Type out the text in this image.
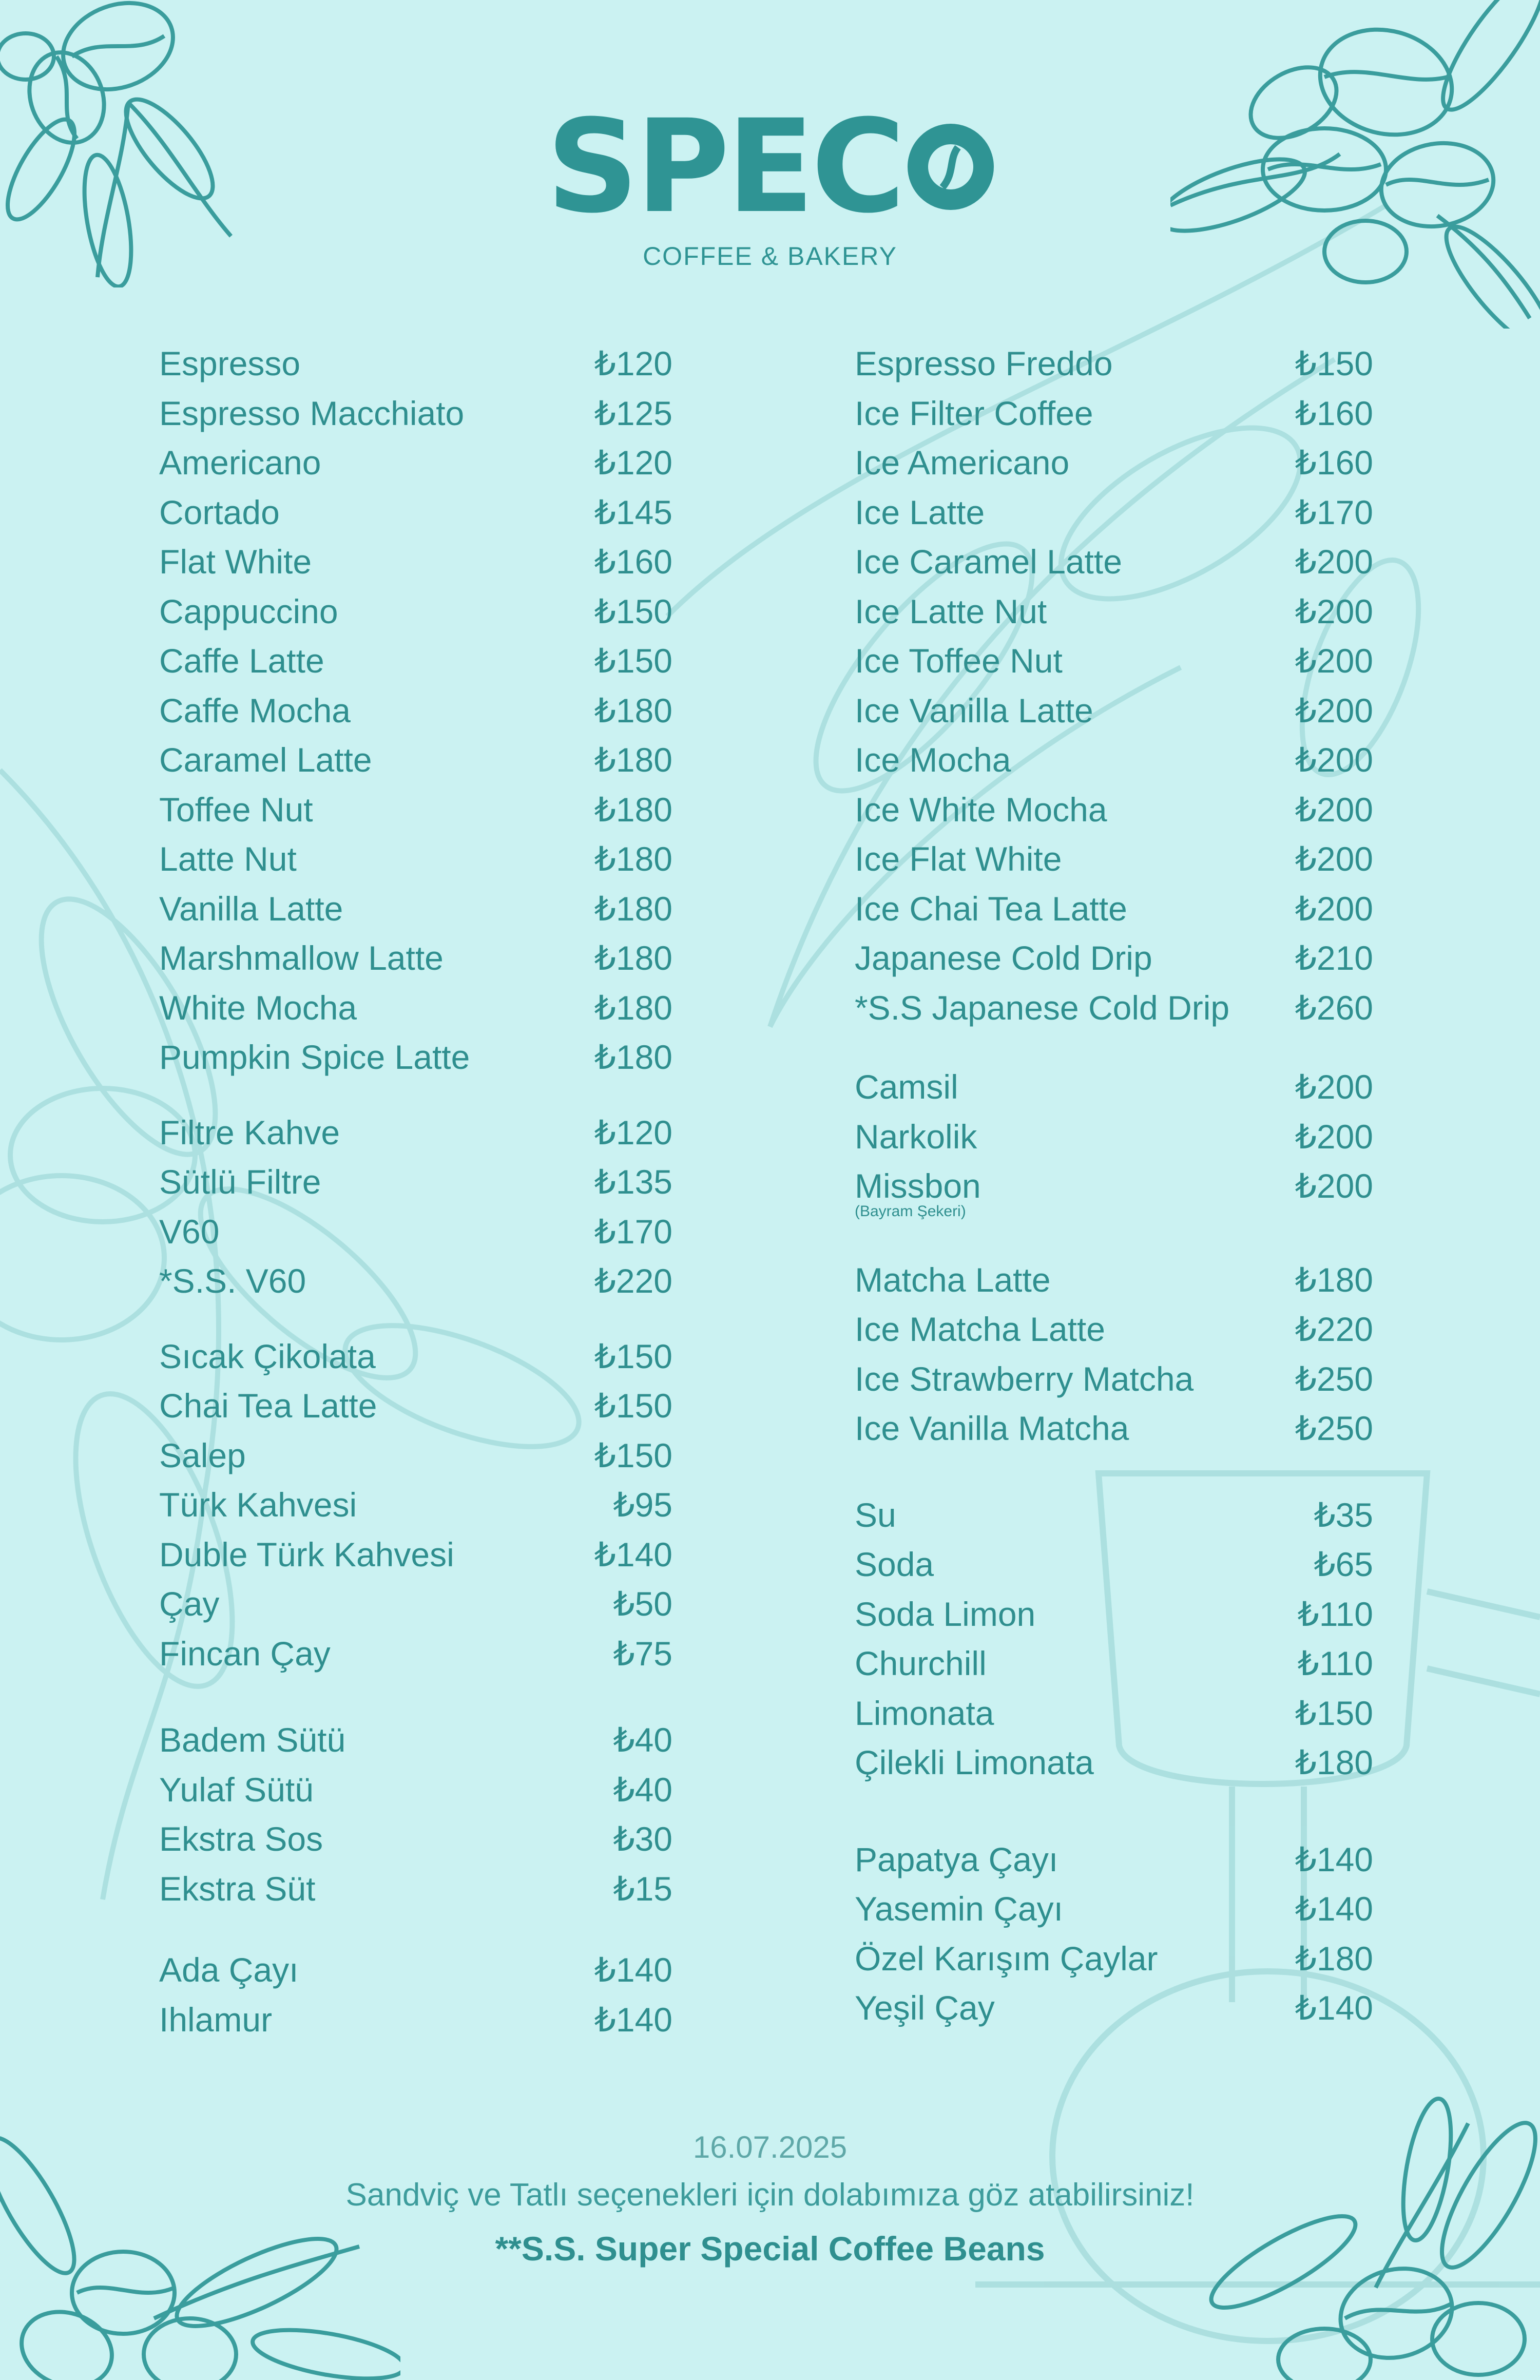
SPEC
COFFEE & BAKERY
Espresso	₺120
Espresso Macchiato	₺125
Americano	₺120
Cortado	₺145
Flat White	₺160
Cappuccino	₺150
Caffe Latte	₺150
Caffe Mocha	₺180
Caramel Latte	₺180
Toffee Nut	₺180
Latte Nut	₺180
Vanilla Latte	₺180
Marshmallow Latte	₺180
White Mocha	₺180
Pumpkin Spice Latte	₺180
Filtre Kahve	₺120
Sütlü Filtre	₺135
V60	₺170
*S.S. V60	₺220
Sıcak Çikolata	₺150
Chai Tea Latte	₺150
Salep	₺150
Türk Kahvesi	₺95
Duble Türk Kahvesi	₺140
Çay	₺50
Fincan Çay	₺75
Badem Sütü	₺40
Yulaf Sütü	₺40
Ekstra Sos	₺30
Ekstra Süt	₺15
Ada Çayı	₺140
Ihlamur	₺140
Espresso Freddo	₺150
Ice Filter Coffee	₺160
Ice Americano	₺160
Ice Latte	₺170
Ice Caramel Latte	₺200
Ice Latte Nut	₺200
Ice Toffee Nut	₺200
Ice Vanilla Latte	₺200
Ice Mocha	₺200
Ice White Mocha	₺200
Ice Flat White	₺200
Ice Chai Tea Latte	₺200
Japanese Cold Drip	₺210
*S.S Japanese Cold Drip ₺260
Camsil	₺200
Narkolik	₺200
Missbon	₺200
(Bayram Şekeri)
Matcha Latte	₺180
Ice Matcha Latte	₺220
Ice Strawberry Matcha	₺250
Ice Vanilla Matcha	₺250
Su	₺35
Soda	₺65
Soda Limon	₺110
Churchill	₺110
Limonata	₺150
Çilekli Limonata	₺180
Papatya Çayı	₺140
Yasemin Çayı	₺140
Özel Karışım Çaylar	₺180
Yeşil Çay	₺140
16.07.2025
Sandviç ve Tatlı seçenekleri için dolabımıza göz atabilirsiniz!
**S.S. Super Special Coffee Beans
